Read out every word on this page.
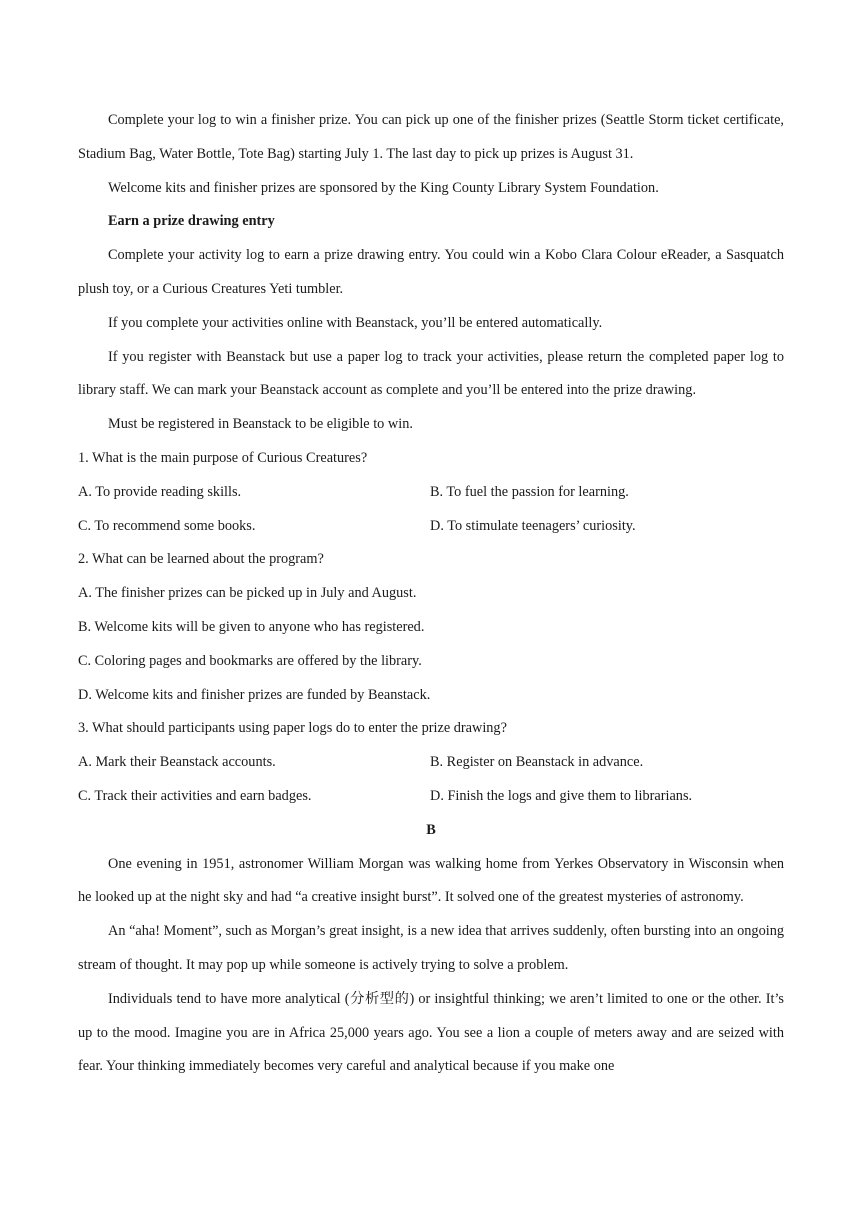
Complete your log to win a finisher prize. You can pick up one of the finisher prizes (Seattle Storm ticket certificate, Stadium Bag, Water Bottle, Tote Bag) starting July 1. The last day to pick up prizes is August 31.

Welcome kits and finisher prizes are sponsored by the King County Library System Foundation.

Earn a prize drawing entry

Complete your activity log to earn a prize drawing entry. You could win a Kobo Clara Colour eReader, a Sasquatch plush toy, or a Curious Creatures Yeti tumbler.

If you complete your activities online with Beanstack, you’ll be entered automatically.

If you register with Beanstack but use a paper log to track your activities, please return the completed paper log to library staff. We can mark your Beanstack account as complete and you’ll be entered into the prize drawing.

Must be registered in Beanstack to be eligible to win.

1. What is the main purpose of Curious Creatures?

A. To provide reading skills.	B. To fuel the passion for learning.

C. To recommend some books.	D. To stimulate teenagers’ curiosity.

2. What can be learned about the program?

A. The finisher prizes can be picked up in July and August.

B. Welcome kits will be given to anyone who has registered.

C. Coloring pages and bookmarks are offered by the library.

D. Welcome kits and finisher prizes are funded by Beanstack.

3. What should participants using paper logs do to enter the prize drawing?

A. Mark their Beanstack accounts.	B. Register on Beanstack in advance.

C. Track their activities and earn badges.	D. Finish the logs and give them to librarians.

B

One evening in 1951, astronomer William Morgan was walking home from Yerkes Observatory in Wisconsin when he looked up at the night sky and had “a creative insight burst”. It solved one of the greatest mysteries of astronomy.

An “aha! Moment”, such as Morgan’s great insight, is a new idea that arrives suddenly, often bursting into an ongoing stream of thought. It may pop up while someone is actively trying to solve a problem.

Individuals tend to have more analytical (分析型的) or insightful thinking; we aren’t limited to one or the other. It’s up to the mood. Imagine you are in Africa 25,000 years ago. You see a lion a couple of meters away and are seized with fear. Your thinking immediately becomes very careful and analytical because if you make one
